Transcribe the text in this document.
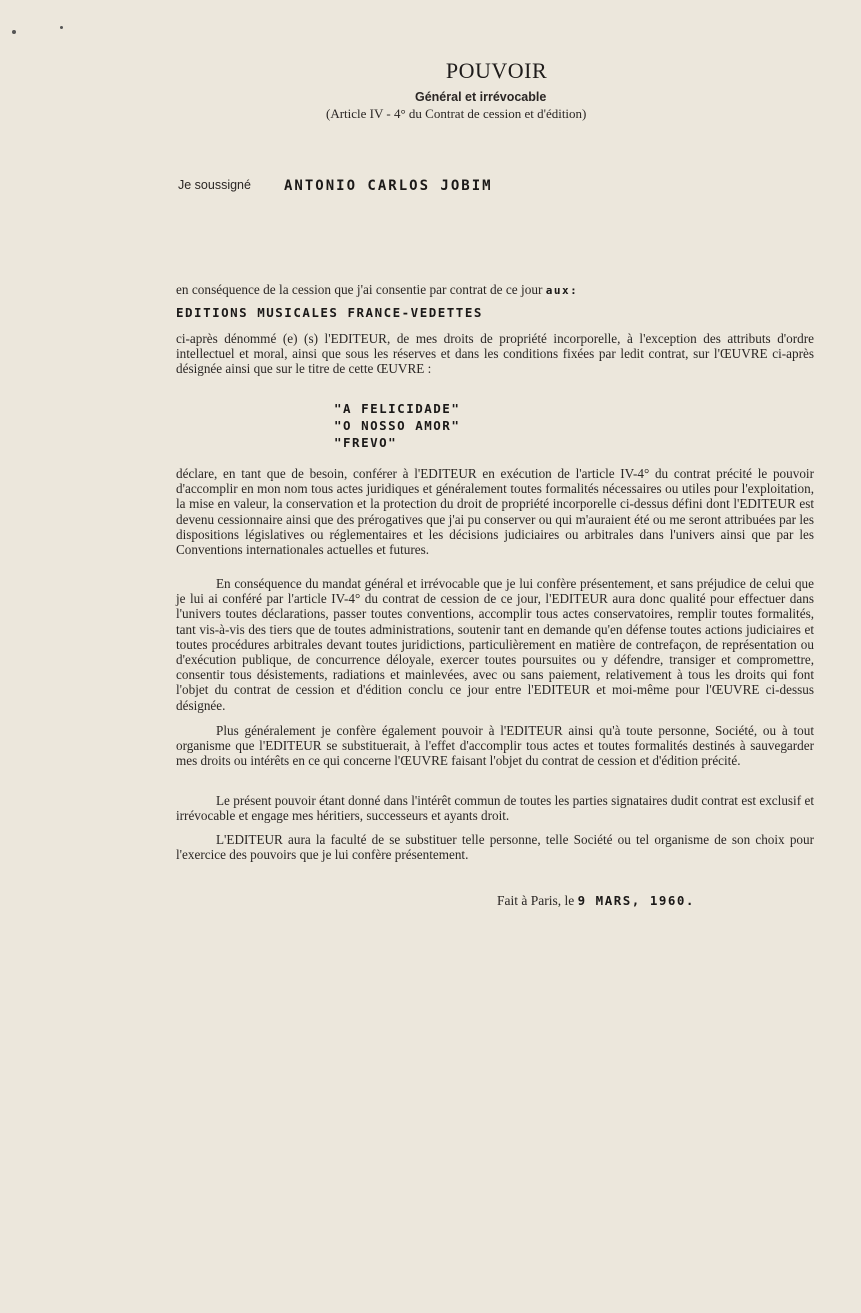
POUVOIR
Général et irrévocable
(Article IV - 4° du Contrat de cession et d'édition)
Je soussigné ANTONIO CARLOS JOBIM
en conséquence de la cession que j'ai consentie par contrat de ce jour aux:
EDITIONS MUSICALES FRANCE-VEDETTES
ci-après dénommé (e) (s) l'EDITEUR, de mes droits de propriété incorporelle, à l'exception des attributs d'ordre intellectuel et moral, ainsi que sous les réserves et dans les conditions fixées par ledit contrat, sur l'ŒUVRE ci-après désignée ainsi que sur le titre de cette ŒUVRE :
"A FELICIDADE"
"O NOSSO AMOR"
"FREVO"
déclare, en tant que de besoin, conférer à l'EDITEUR en exécution de l'article IV-4° du contrat précité le pouvoir d'accomplir en mon nom tous actes juridiques et généralement toutes formalités nécessaires ou utiles pour l'exploitation, la mise en valeur, la conservation et la protection du droit de propriété incorporelle ci-dessus défini dont l'EDITEUR est devenu cessionnaire ainsi que des prérogatives que j'ai pu conserver ou qui m'auraient été ou me seront attribuées par les dispositions législatives ou réglementaires et les décisions judiciaires ou arbitrales dans l'univers ainsi que par les Conventions internationales actuelles et futures.
En conséquence du mandat général et irrévocable que je lui confère présentement, et sans préjudice de celui que je lui ai conféré par l'article IV-4° du contrat de cession de ce jour, l'EDITEUR aura donc qualité pour effectuer dans l'univers toutes déclarations, passer toutes conventions, accomplir tous actes conservatoires, remplir toutes formalités, tant vis-à-vis des tiers que de toutes administrations, soutenir tant en demande qu'en défense toutes actions judiciaires et toutes procédures arbitrales devant toutes juridictions, particulièrement en matière de contrefaçon, de représentation ou d'exécution publique, de concurrence déloyale, exercer toutes poursuites ou y défendre, transiger et compromettre, consentir tous désistements, radiations et mainlevées, avec ou sans paiement, relativement à tous les droits qui font l'objet du contrat de cession et d'édition conclu ce jour entre l'EDITEUR et moi-même pour l'ŒUVRE ci-dessus désignée.
Plus généralement je confère également pouvoir à l'EDITEUR ainsi qu'à toute personne, Société, ou à tout organisme que l'EDITEUR se substituerait, à l'effet d'accomplir tous actes et toutes formalités destinés à sauvegarder mes droits ou intérêts en ce qui concerne l'ŒUVRE faisant l'objet du contrat de cession et d'édition précité.
Le présent pouvoir étant donné dans l'intérêt commun de toutes les parties signataires dudit contrat est exclusif et irrévocable et engage mes héritiers, successeurs et ayants droit.
L'EDITEUR aura la faculté de se substituer telle personne, telle Société ou tel organisme de son choix pour l'exercice des pouvoirs que je lui confère présentement.
Fait à Paris, le 9 MARS, 1960.
